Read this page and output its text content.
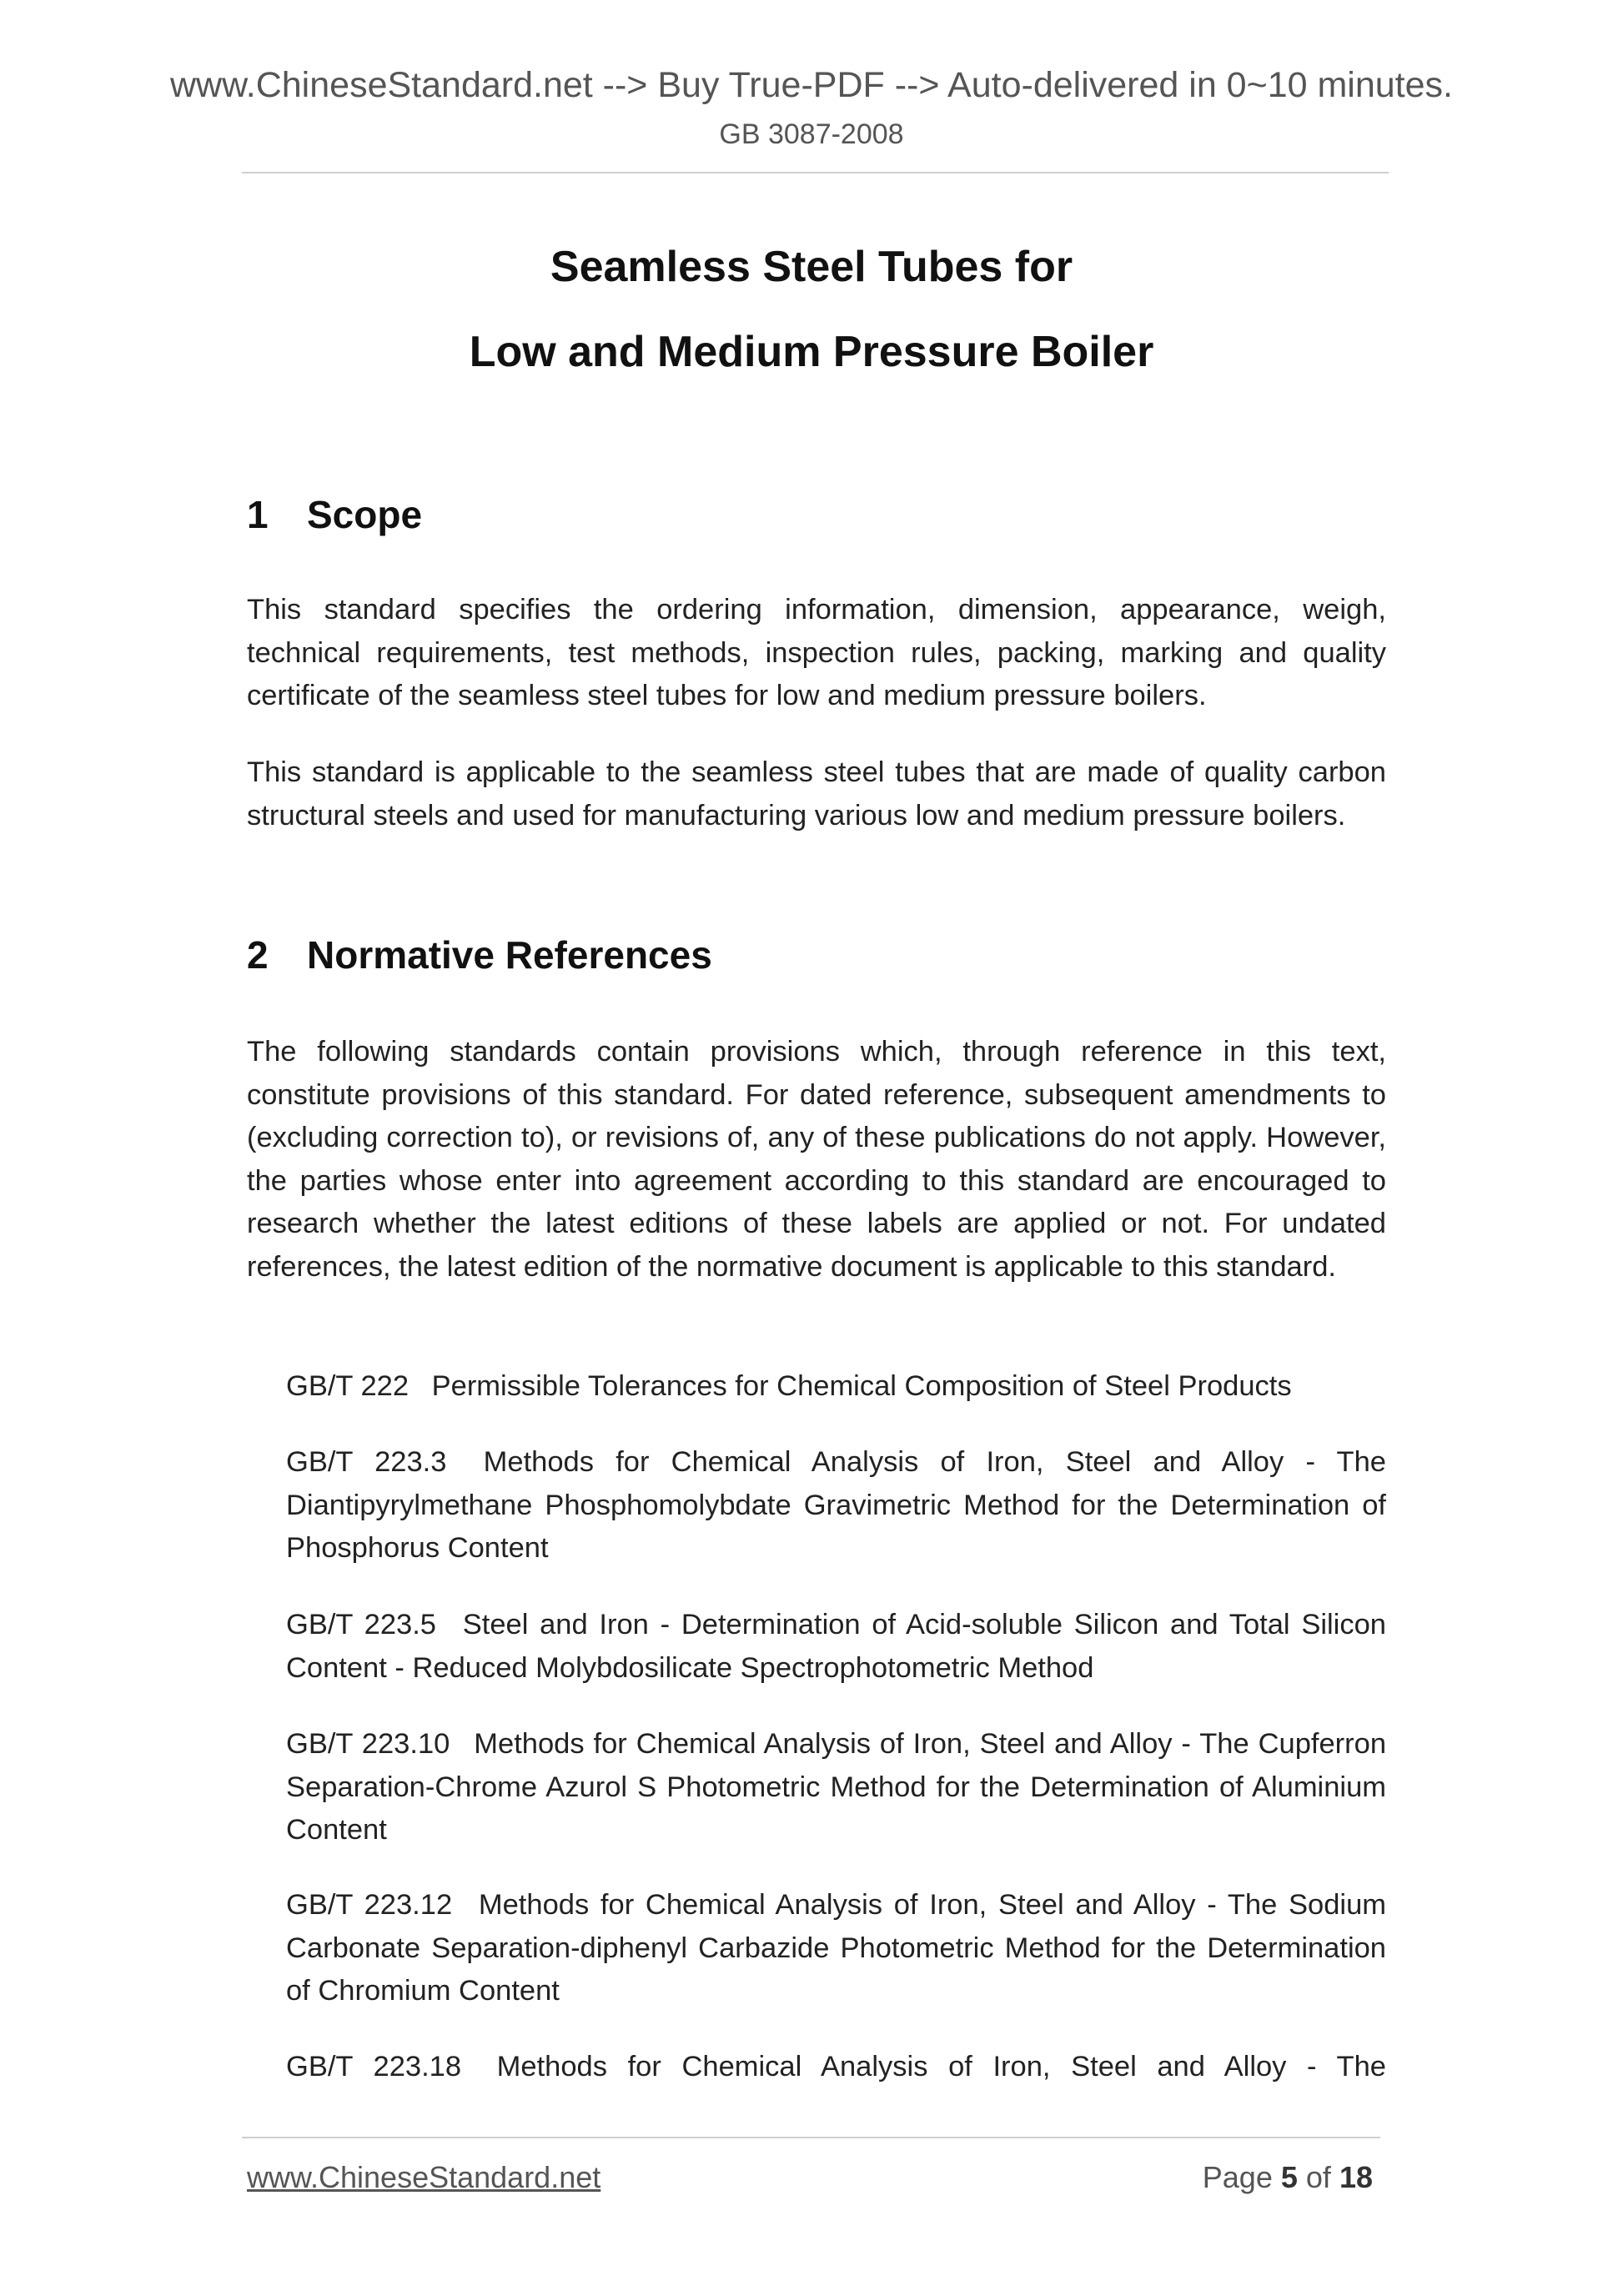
www.ChineseStandard.net --> Buy True-PDF --> Auto-delivered in 0~10 minutes.
GB 3087-2008
Seamless Steel Tubes for
Low and Medium Pressure Boiler
1 Scope
This standard specifies the ordering information, dimension, appearance, weigh, technical requirements, test methods, inspection rules, packing, marking and quality certificate of the seamless steel tubes for low and medium pressure boilers.
This standard is applicable to the seamless steel tubes that are made of quality carbon structural steels and used for manufacturing various low and medium pressure boilers.
2 Normative References
The following standards contain provisions which, through reference in this text, constitute provisions of this standard. For dated reference, subsequent amendments to (excluding correction to), or revisions of, any of these publications do not apply. However, the parties whose enter into agreement according to this standard are encouraged to research whether the latest editions of these labels are applied or not. For undated references, the latest edition of the normative document is applicable to this standard.
GB/T 222 Permissible Tolerances for Chemical Composition of Steel Products
GB/T 223.3 Methods for Chemical Analysis of Iron, Steel and Alloy - The Diantipyrylmethane Phosphomolybdate Gravimetric Method for the Determination of Phosphorus Content
GB/T 223.5 Steel and Iron - Determination of Acid-soluble Silicon and Total Silicon Content - Reduced Molybdosilicate Spectrophotometric Method
GB/T 223.10 Methods for Chemical Analysis of Iron, Steel and Alloy - The Cupferron Separation-Chrome Azurol S Photometric Method for the Determination of Aluminium Content
GB/T 223.12 Methods for Chemical Analysis of Iron, Steel and Alloy - The Sodium Carbonate Separation-diphenyl Carbazide Photometric Method for the Determination of Chromium Content
GB/T 223.18 Methods for Chemical Analysis of Iron, Steel and Alloy - The
www.ChineseStandard.net	Page 5 of 18
